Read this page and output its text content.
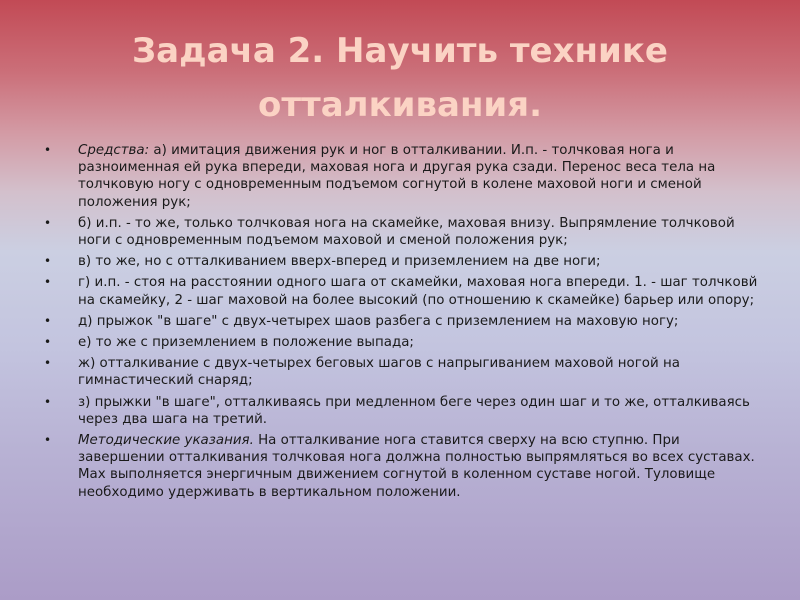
Задача 2. Научить технике отталкивания.
• Средства: а) имитация движения рук и ног в отталкивании. И.п. - толчковая нога и разноименная ей рука впереди, маховая нога и другая рука сзади. Перенос веса тела на толчковую ногу с одновременным подъемом согнутой в колене маховой ноги и сменой положения рук;
• б) и.п. - то же, только толчковая нога на скамейке, маховая внизу. Выпрямление толчковой ноги с одновременным подъемом маховой и сменой положения рук;
• в) то же, но с отталкиванием вверх-вперед и приземлением на две ноги;
• г) и.п. - стоя на расстоянии одного шага от скамейки, маховая нога впереди. 1. - шаг толчковй на скамейку, 2 - шаг маховой на более высокий (по отношению к скамейке) барьер или опору;
• д) прыжок "в шаге" с двух-четырех шаов разбега с приземлением на маховую ногу;
• е) то же с приземлением в положение выпада;
• ж) отталкивание с двух-четырех беговых шагов с напрыгиванием маховой ногой на гимнастический снаряд;
• з) прыжки "в шаге", отталкиваясь при медленном беге через один шаг и то же, отталкиваясь через два шага на третий.
• Методические указания. На отталкивание нога ставится сверху на всю ступню. При завершении отталкивания толчковая нога должна полностью выпрямляться во всех суставах. Мах выполняется энергичным движением согнутой в коленном суставе ногой. Туловище необходимо удерживать в вертикальном положении.
